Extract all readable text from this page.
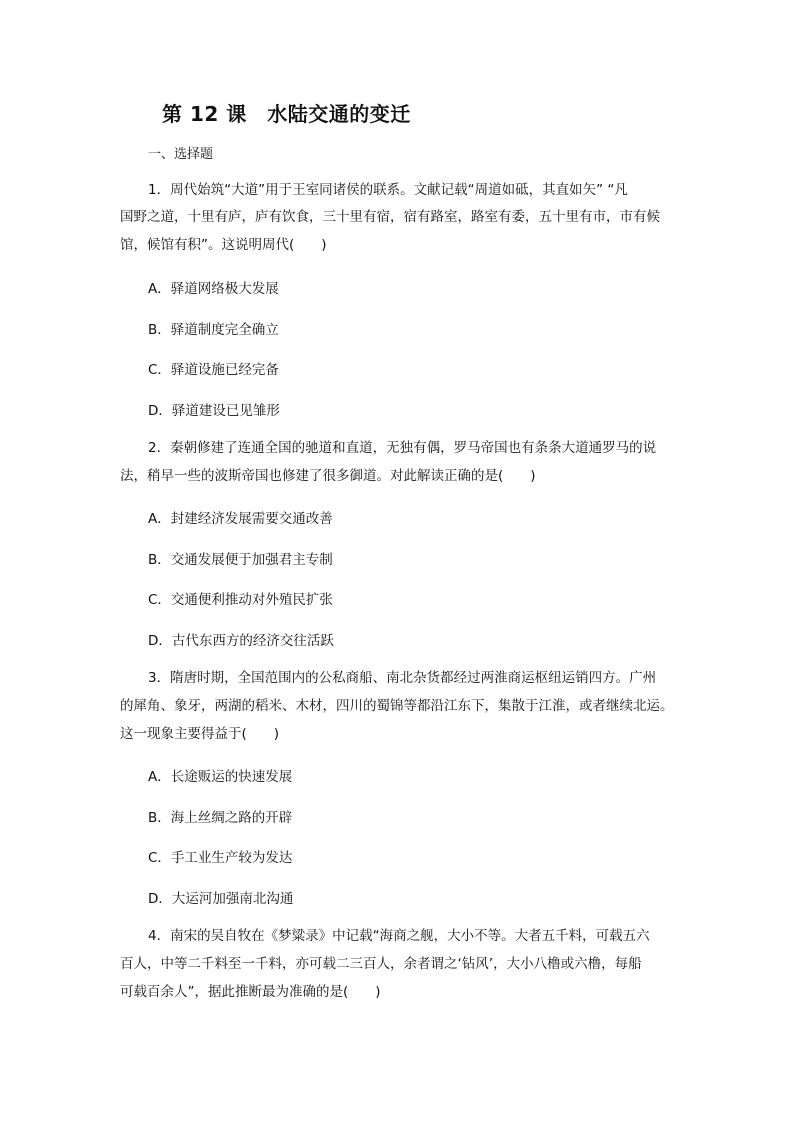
第 12 课　水陆交通的变迁
一、选择题
1．周代始筑“大道”用于王室同诸侯的联系。文献记载“周道如砥，其直如矢” “凡
国野之道，十里有庐，庐有饮食，三十里有宿，宿有路室，路室有委，五十里有市，市有候
馆，候馆有积”。这说明周代(　　)
A．驿道网络极大发展
B．驿道制度完全确立
C．驿道设施已经完备
D．驿道建设已见雏形
2．秦朝修建了连通全国的驰道和直道，无独有偶，罗马帝国也有条条大道通罗马的说
法，稍早一些的波斯帝国也修建了很多御道。对此解读正确的是(　　)
A．封建经济发展需要交通改善
B．交通发展便于加强君主专制
C．交通便利推动对外殖民扩张
D．古代东西方的经济交往活跃
3．隋唐时期，全国范围内的公私商船、南北杂货都经过两淮商运枢纽运销四方。广州
的犀角、象牙，两湖的稻米、木材，四川的蜀锦等都沿江东下，集散于江淮，或者继续北运。
这一现象主要得益于(　　)
A．长途贩运的快速发展
B．海上丝绸之路的开辟
C．手工业生产较为发达
D．大运河加强南北沟通
4．南宋的吴自牧在《梦粱录》中记载“海商之舰，大小不等。大者五千料，可载五六
百人，中等二千料至一千料，亦可载二三百人，余者谓之‘钻风’，大小八橹或六橹，每船
可载百余人”，据此推断最为准确的是(　　)
